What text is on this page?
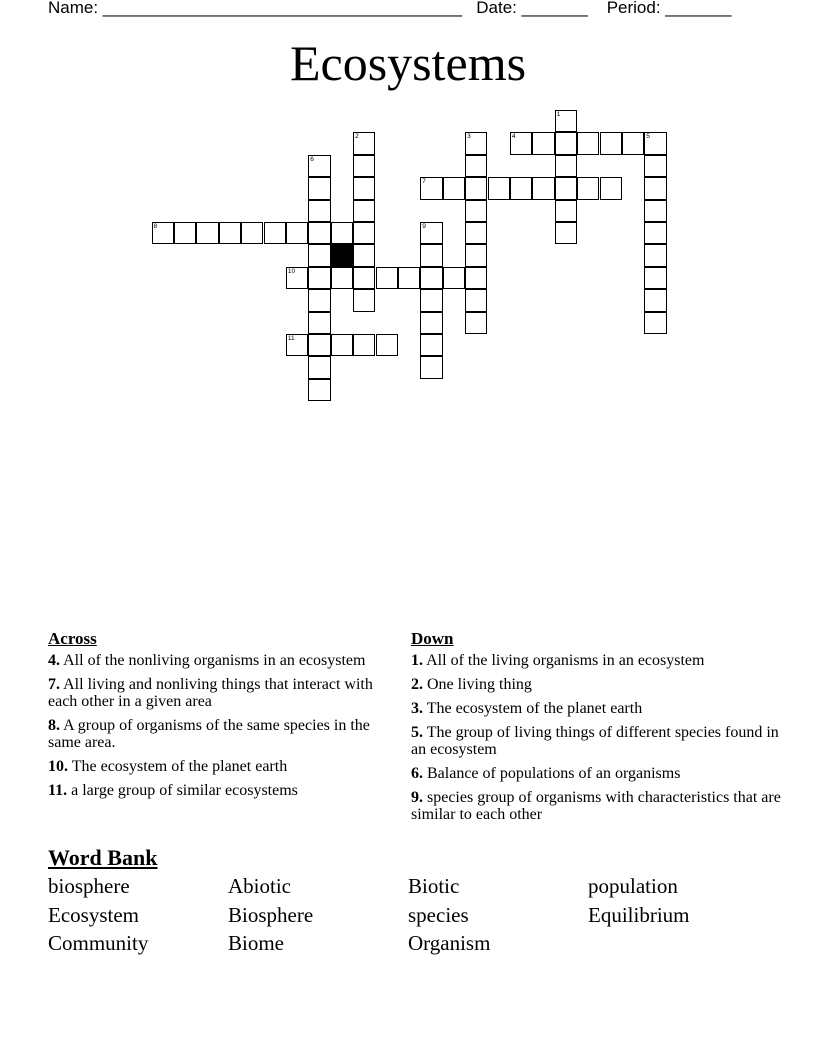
Name: ______________________________________ Date: _______ Period: _______
Ecosystems
4	5
7
8
10
11
1
2	3
6
9
Across
4. All of the nonliving organisms in an ecosystem
7. All living and nonliving things that interact with each other in a given area
8. A group of organisms of the same species in the same area.
10. The ecosystem of the planet earth
11. a large group of similar ecosystems
Down
1. All of the living organisms in an ecosystem
2. One living thing
3. The ecosystem of the planet earth
5. The group of living things of different species found in an ecosystem
6. Balance of populations of an organisms
9. species group of organisms with characteristics that are similar to each other
Word Bank
biosphere	Abiotic	Biotic	population
Ecosystem	Biosphere	species	Equilibrium
Community	Biome	Organism
